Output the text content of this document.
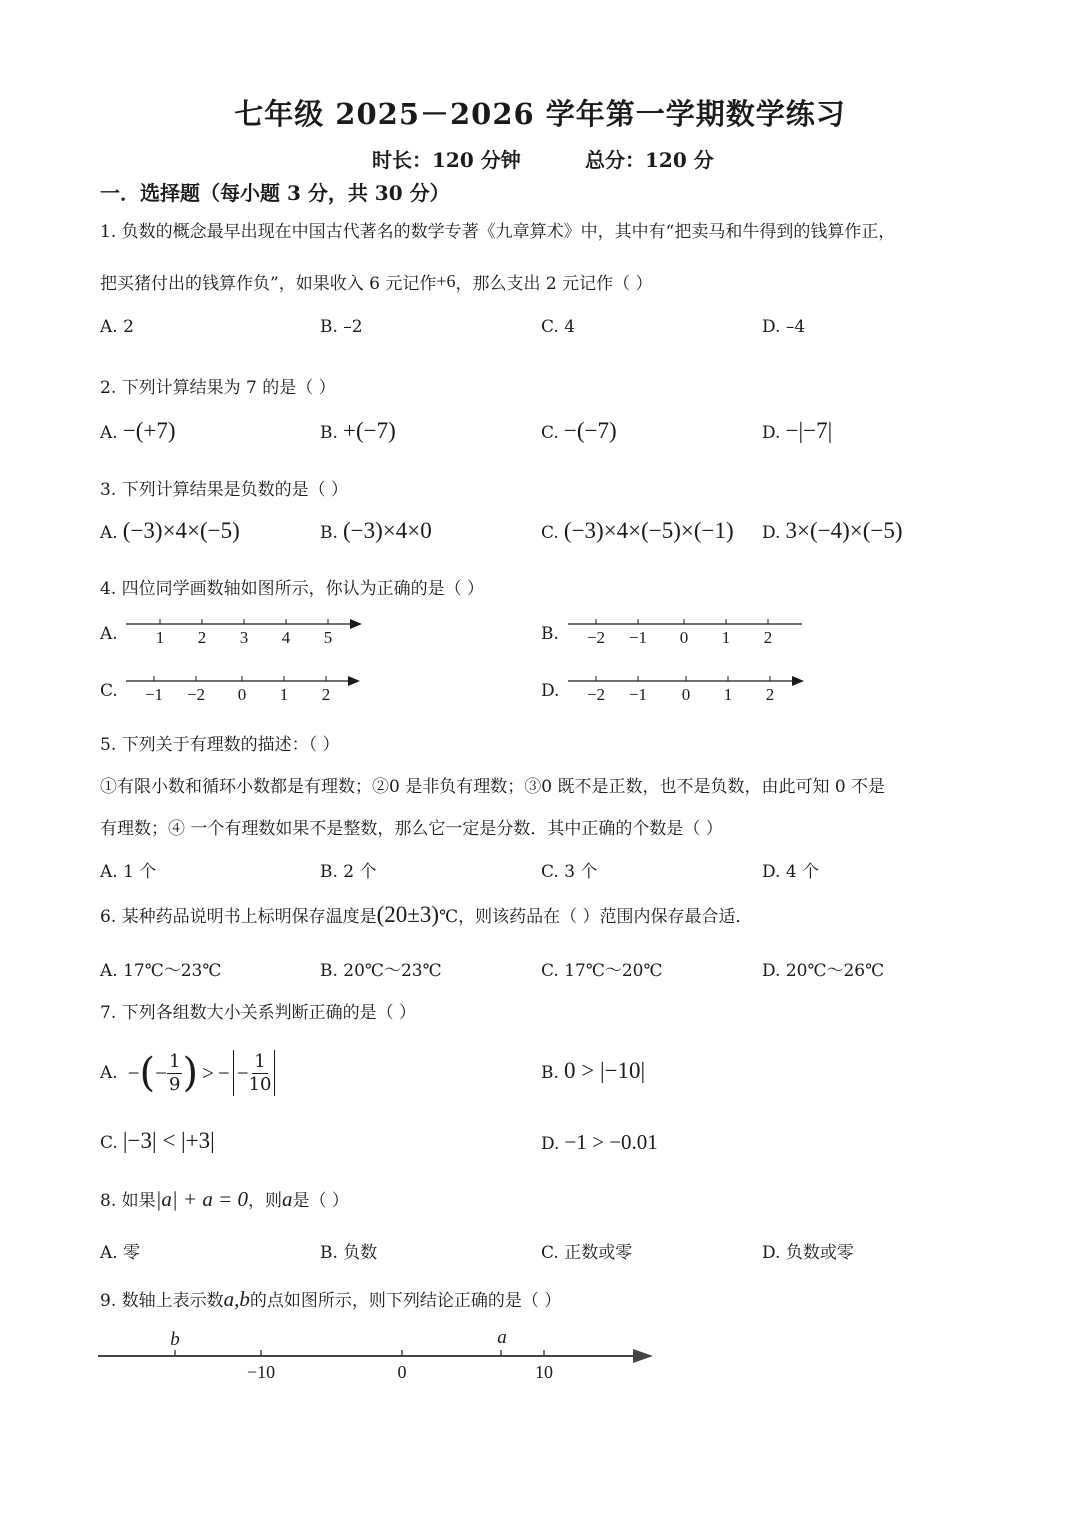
七年级 2025－2026 学年第一学期数学练习
时长：120 分钟	总分：120 分
一．选择题（每小题 3 分，共 30 分）
1. 负数的概念最早出现在中国古代著名的数学专著《九章算术》中，其中有“把卖马和牛得到的钱算作正，
把买猪付出的钱算作负”，如果收入 6 元记作+6，那么支出 2 元记作（ ）
A. 2	B. –2	C. 4	D. –4
2. 下列计算结果为 7 的是（ ）
A. −(+7)	B. +(−7)	C. −(−7)	D. −|−7|
3. 下列计算结果是负数的是（ ）
A. (−3)×4×(−5)	B. (−3)×4×0	C. (−3)×4×(−5)×(−1) D. 3×(−4)×(−5)
4. 四位同学画数轴如图所示，你认为正确的是（ ）
A. 1 2 3 4 5	B. −2 −1 0 1 2
C. −1 −2 0 1 2	D. −2 −1 0 1 2
5. 下列关于有理数的描述：（ ）
①有限小数和循环小数都是有理数；②0 是非负有理数；③0 既不是正数，也不是负数，由此可知 0 不是
有理数；④ 一个有理数如果不是整数，那么它一定是分数．其中正确的个数是（ ）
A. 1 个	B. 2 个	C. 3 个	D. 4 个
6. 某种药品说明书上标明保存温度是(20±3)℃，则该药品在（ ）范围内保存最合适．
A. 17℃～23℃	B. 20℃～23℃	C. 17℃～20℃	D. 20℃～26℃
7. 下列各组数大小关系判断正确的是（ ）
A. − ( − $\frac{1}{9}$ ) > − − $\frac{1}{10}$	B. 0 > |−10|
C. |−3| < |+3|	D. −1 > −0.01
8. 如果|a| + a = 0，则a是（ ）
A. 零	B. 负数	C. 正数或零	D. 负数或零
9. 数轴上表示数a,b的点如图所示，则下列结论正确的是（ ）
b	a
−10	0	10
